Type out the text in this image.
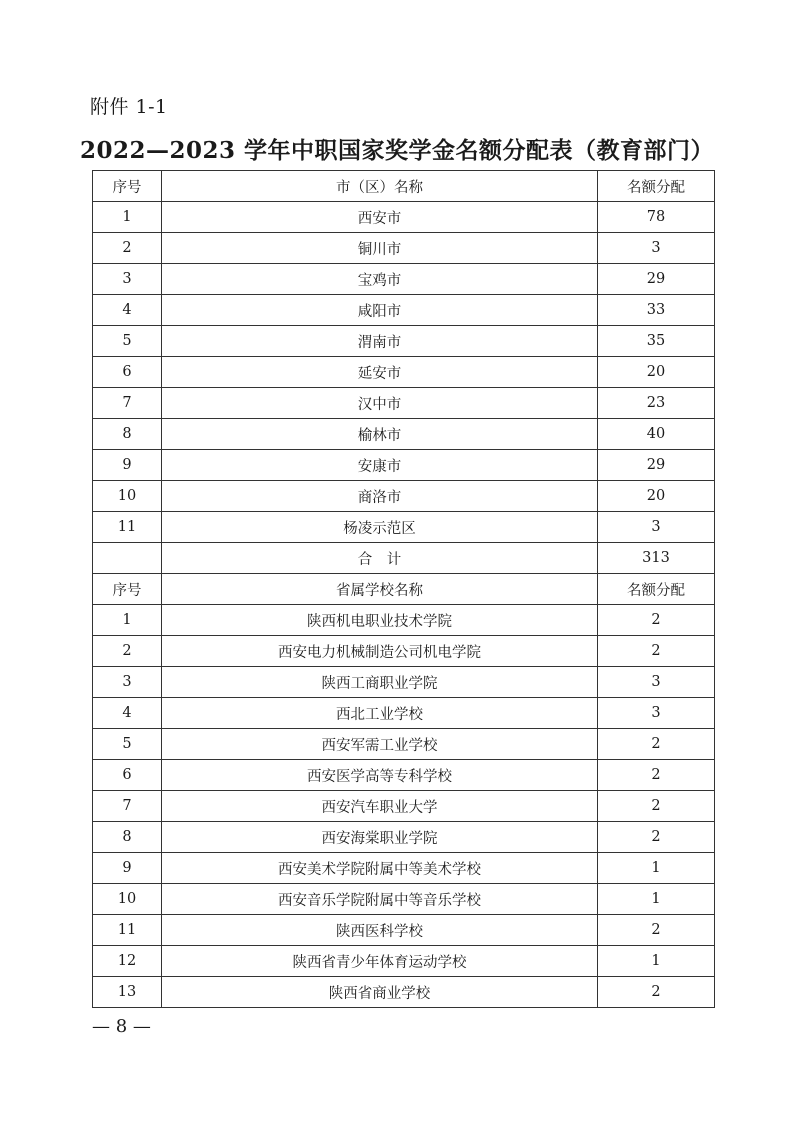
附件 1-1
2022—2023 学年中职国家奖学金名额分配表（教育部门）
序号	市（区）名称	名额分配
1	西安市	78
2	铜川市	3
3	宝鸡市	29
4	咸阳市	33
5	渭南市	35
6	延安市	20
7	汉中市	23
8	榆林市	40
9	安康市	29
10	商洛市	20
11	杨凌示范区	3
	合　计	313
序号	省属学校名称	名额分配
1	陕西机电职业技术学院	2
2	西安电力机械制造公司机电学院	2
3	陕西工商职业学院	3
4	西北工业学校	3
5	西安军需工业学校	2
6	西安医学高等专科学校	2
7	西安汽车职业大学	2
8	西安海棠职业学院	2
9	西安美术学院附属中等美术学校	1
10	西安音乐学院附属中等音乐学校	1
11	陕西医科学校	2
12	陕西省青少年体育运动学校	1
13	陕西省商业学校	2
— 8 —
